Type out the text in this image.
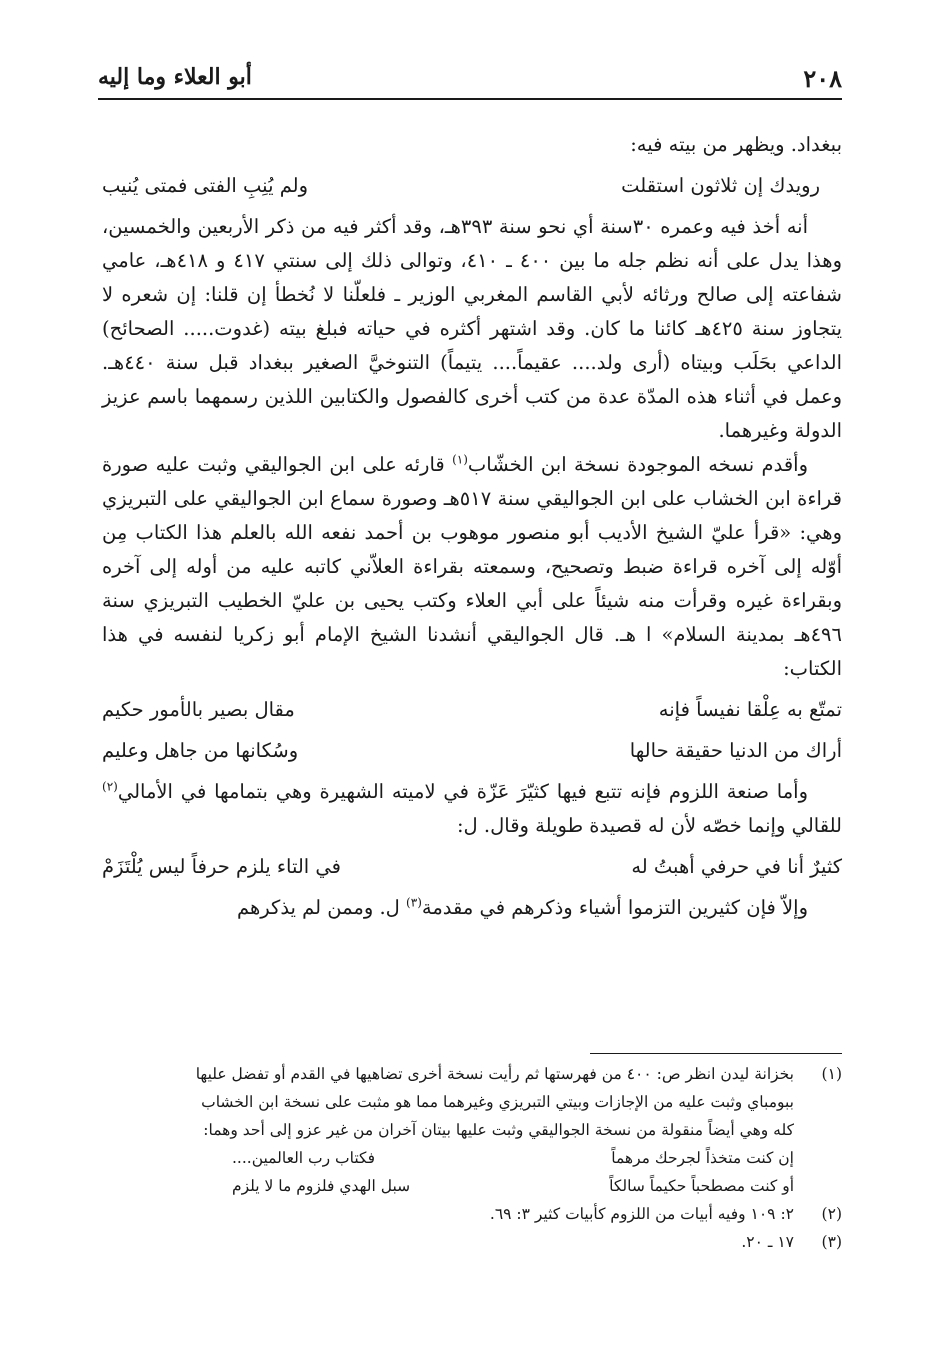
٢٠٨
أبو العلاء وما إليه

ببغداد. ويظهر من بيته فيه:

رويدك إن ثلاثون استقلت
ولم يُنِبِ الفتى فمتى يُنيب

أنه أخذ فيه وعمره ٣٠سنة أي نحو سنة ٣٩٣هـ، وقد أكثر فيه من ذكر الأربعين والخمسين، وهذا يدل على أنه نظم جله ما بين ٤٠٠ ـ ٤١٠، وتوالى ذلك إلى سنتي ٤١٧ و ٤١٨هـ، عامي شفاعته إلى صالح ورثائه لأبي القاسم المغربي الوزير ـ فلعلّنا لا نُخطأ إن قلنا: إن شعره لا يتجاوز سنة ٤٢٥هـ كائنا ما كان. وقد اشتهر أكثره في حياته فبلغ بيته (غدوت..... الصحائح) الداعي بحَلَب وبيتاه (أرى ولد.... عقيماً.... يتيماً) التنوخيَّ الصغير ببغداد قبل سنة ٤٤٠هـ. وعمل في أثناء هذه المدّة عدة من كتب أخرى كالفصول والكتابين اللذين رسمهما باسم عزيز الدولة وغيرهما.

وأقدم نسخه الموجودة نسخة ابن الخشّاب$^{(١)}$ قارئه على ابن الجواليقي وثبت عليه صورة قراءة ابن الخشاب على ابن الجواليقي سنة ٥١٧هـ وصورة سماع ابن الجواليقي على التبريزي وهي: «قرأ عليّ الشيخ الأديب أبو منصور موهوب بن أحمد نفعه الله بالعلم هذا الكتاب مِن أوّله إلى آخره قراءة ضبط وتصحيح، وسمعته بقراءة العلاّني كاتبه عليه من أوله إلى آخره وبقراءة غيره وقرأت منه شيئاً على أبي العلاء وكتب يحيى بن عليّ الخطيب التبريزي سنة ٤٩٦هـ بمدينة السلام» ا هـ. قال الجواليقي أنشدنا الشيخ الإمام أبو زكريا لنفسه في هذا الكتاب:

تمتّع به عِلْقا نفيساً فإنه
مقال بصير بالأمور حكيم
أراك من الدنيا حقيقة حالها
وسُكانها من جاهل وعليم

وأما صنعة اللزوم فإنه تتبع فيها كثيّرَ عَزّة في لاميته الشهيرة وهي بتمامها في الأمالي$^{(٢)}$ للقالي وإنما خصّه لأن له قصيدة طويلة وقال. ل:

كثيرٌ أنا في حرفي أهبتُ له
في التاء يلزم حرفاً ليس يُلْتَزَمْ

وإلاّ فإن كثيرين التزموا أشياء وذكرهم في مقدمة$^{(٣)}$ ل. وممن لم يذكرهم

(١)
بخزانة ليدن انظر ص: ٤٠٠ من فهرستها ثم رأيت نسخة أخرى تضاهيها في القدم أو تفضل عليها
ببومباي وثبت عليه من الإجازات وبيتي التبريزي وغيرهما مما هو مثبت على نسخة ابن الخشاب
كله وهي أيضاً منقولة من نسخة الجواليقي وثبت عليها بيتان آخران من غير عزو إلى أحد وهما:
إن كنت متخذاً لجرحك مرهماً
فكتاب رب العالمين....
أو كنت مصطحباً حكيماً سالكاً
سبل الهدي فلزوم ما لا يلزم
(٢)
٢: ١٠٩ وفيه أبيات من اللزوم كأبيات كثير ٣: ٦٩.
(٣)
١٧ ـ ٢٠.
